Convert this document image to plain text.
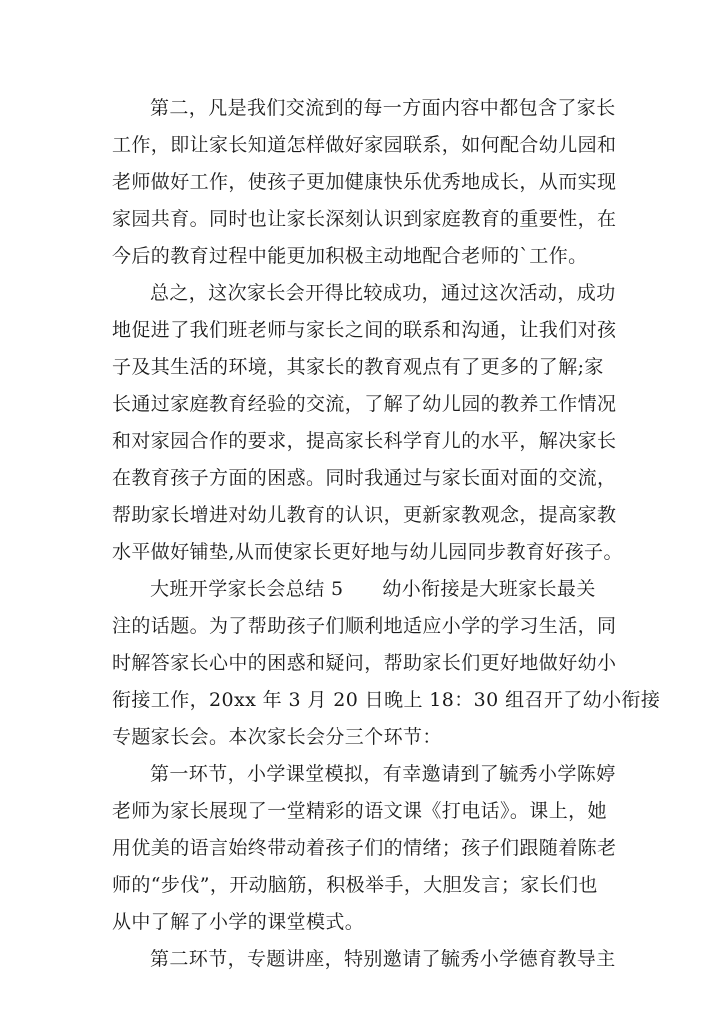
第二，凡是我们交流到的每一方面内容中都包含了家长
工作，即让家长知道怎样做好家园联系，如何配合幼儿园和
老师做好工作，使孩子更加健康快乐优秀地成长，从而实现
家园共育。同时也让家长深刻认识到家庭教育的重要性，在
今后的教育过程中能更加积极主动地配合老师的`工作。
总之，这次家长会开得比较成功，通过这次活动，成功
地促进了我们班老师与家长之间的联系和沟通，让我们对孩
子及其生活的环境，其家长的教育观点有了更多的了解;家
长通过家庭教育经验的交流，了解了幼儿园的教养工作情况
和对家园合作的要求，提高家长科学育儿的水平，解决家长
在教育孩子方面的困惑。同时我通过与家长面对面的交流，
帮助家长增进对幼儿教育的认识，更新家教观念，提高家教
水平做好铺垫,从而使家长更好地与幼儿园同步教育好孩子。
大班开学家长会总结 5　　幼小衔接是大班家长最关
注的话题。为了帮助孩子们顺利地适应小学的学习生活，同
时解答家长心中的困惑和疑问，帮助家长们更好地做好幼小
衔接工作，20xx 年 3 月 20 日晚上 18：30 组召开了幼小衔接
专题家长会。本次家长会分三个环节：
第一环节，小学课堂模拟，有幸邀请到了毓秀小学陈婷
老师为家长展现了一堂精彩的语文课《打电话》。课上，她
用优美的语言始终带动着孩子们的情绪；孩子们跟随着陈老
师的“步伐”，开动脑筋，积极举手，大胆发言；家长们也
从中了解了小学的课堂模式。
第二环节，专题讲座，特别邀请了毓秀小学德育教导主
